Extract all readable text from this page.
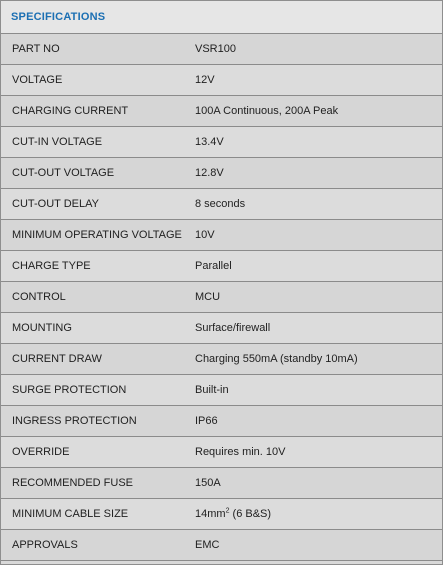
SPECIFICATIONS
PART NO	VSR100
VOLTAGE	12V
CHARGING CURRENT	100A Continuous, 200A Peak
CUT-IN VOLTAGE	13.4V
CUT-OUT VOLTAGE	12.8V
CUT-OUT DELAY	8 seconds
MINIMUM OPERATING VOLTAGE	10V
CHARGE TYPE	Parallel
CONTROL	MCU
MOUNTING	Surface/firewall
CURRENT DRAW	Charging 550mA (standby 10mA)
SURGE PROTECTION	Built-in
INGRESS PROTECTION	IP66
OVERRIDE	Requires min. 10V
RECOMMENDED FUSE	150A
MINIMUM CABLE SIZE	$14mm^2$ (6 B&S)
APPROVALS	EMC
